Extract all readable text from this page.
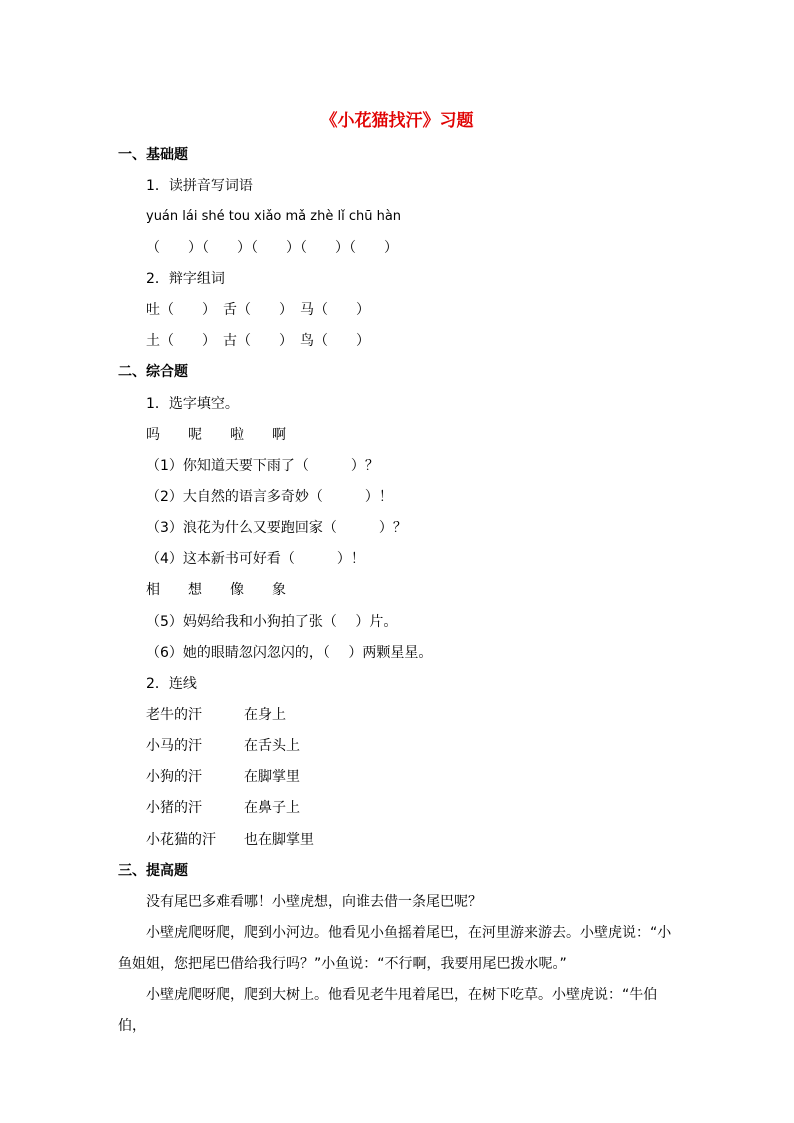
《小花猫找汗》习题
一、基础题
1．读拼音写词语
yuán lái shé tou xiǎo mǎ zhè lǐ chū hàn
（　　）（　　）（　　）（　　）（　　）
2．辩字组词
吐（　　）　舌（　　）　马（　　）
土（　　）　古（　　）　鸟（　　）
二、综合题
1．选字填空。
吗　　呢　　啦　　啊
（1）你知道天要下雨了（　　　）？
（2）大自然的语言多奇妙（　　　）！
（3）浪花为什么又要跑回家（　　　）？
（4）这本新书可好看（　　　）！
相　　想　　像　　象
（5）妈妈给我和小狗拍了张（　 ）片。
（6）她的眼睛忽闪忽闪的，（　 ）两颗星星。
2．连线
老牛的汗	在身上
小马的汗	在舌头上
小狗的汗	在脚掌里
小猪的汗	在鼻子上
小花猫的汗 也在脚掌里
三、提高题
没有尾巴多难看哪！小壁虎想，向谁去借一条尾巴呢？
小壁虎爬呀爬，爬到小河边。他看见小鱼摇着尾巴，在河里游来游去。小壁虎说：“小鱼姐姐，您把尾巴借给我行吗？”小鱼说：“不行啊，我要用尾巴拨水呢。”
小壁虎爬呀爬，爬到大树上。他看见老牛甩着尾巴，在树下吃草。小壁虎说：“牛伯伯，
